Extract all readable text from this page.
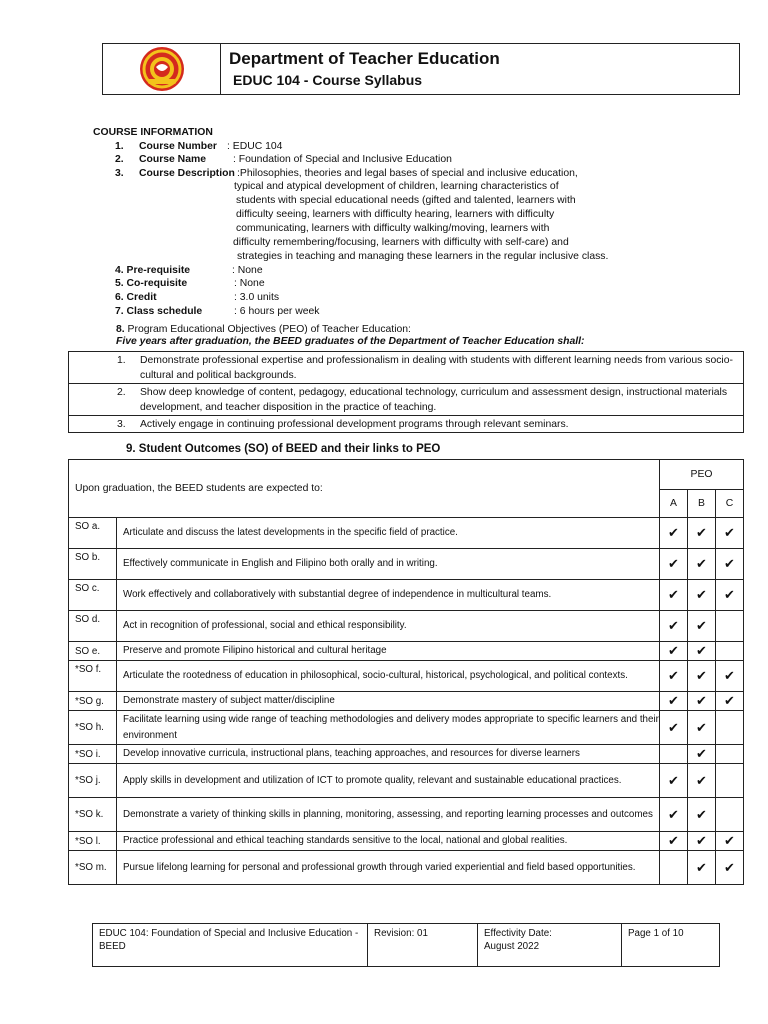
Department of Teacher Education
EDUC 104 - Course Syllabus
COURSE INFORMATION
1. Course Number : EDUC 104
2. Course Name	: Foundation of Special and Inclusive Education
3. Course Description :Philosophies, theories and legal bases of special and inclusive education,
typical and atypical development of children, learning characteristics of
students with special educational needs (gifted and talented, learners with
difficulty seeing, learners with difficulty hearing, learners with difficulty
communicating, learners with difficulty walking/moving, learners with
difficulty remembering/focusing, learners with difficulty with self-care) and
strategies in teaching and managing these learners in the regular inclusive class.
4. Pre-requisite	: None
5. Co-requisite	: None
6. Credit	: 3.0 units
7. Class schedule	: 6 hours per week
8. Program Educational Objectives (PEO) of Teacher Education:
Five years after graduation, the BEED graduates of the Department of Teacher Education shall:
1. Demonstrate professional expertise and professionalism in dealing with students with different learning needs from various socio-cultural and political backgrounds.
2. Show deep knowledge of content, pedagogy, educational technology, curriculum and assessment design, instructional materials development, and teacher disposition in the practice of teaching.
3. Actively engage in continuing professional development programs through relevant seminars.
9. Student Outcomes (SO) of BEED and their links to PEO
Upon graduation, the BEED students are expected to:		PEO		
		A	B	C
SO a.	Articulate and discuss the latest developments in the specific field of practice.	✔	✔	✔
SO b.	Effectively communicate in English and Filipino both orally and in writing.	✔	✔	✔
SO c.	Work effectively and collaboratively with substantial degree of independence in multicultural teams.	✔	✔	✔
SO d.	Act in recognition of professional, social and ethical responsibility.	✔	✔	
SO e.	Preserve and promote Filipino historical and cultural heritage	✔	✔	
*SO f.	Articulate the rootedness of education in philosophical, socio-cultural, historical, psychological, and political contexts.	✔	✔	✔
*SO g.	Demonstrate mastery of subject matter/discipline	✔	✔	✔
*SO h.	Facilitate learning using wide range of teaching methodologies and delivery modes appropriate to specific learners and their environment	✔	✔	
*SO i.	Develop innovative curricula, instructional plans, teaching approaches, and resources for diverse learners		✔	
*SO j.	Apply skills in development and utilization of ICT to promote quality, relevant and sustainable educational practices.	✔	✔	
*SO k.	Demonstrate a variety of thinking skills in planning, monitoring, assessing, and reporting learning processes and outcomes	✔	✔	
*SO l.	Practice professional and ethical teaching standards sensitive to the local, national and global realities.	✔	✔	✔
*SO m.	Pursue lifelong learning for personal and professional growth through varied experiential and field based opportunities.		✔	✔
EDUC 104: Foundation of Special and Inclusive Education - BEED	Revision: 01	Effectivity Date:
August 2022
	Page 1 of 10
